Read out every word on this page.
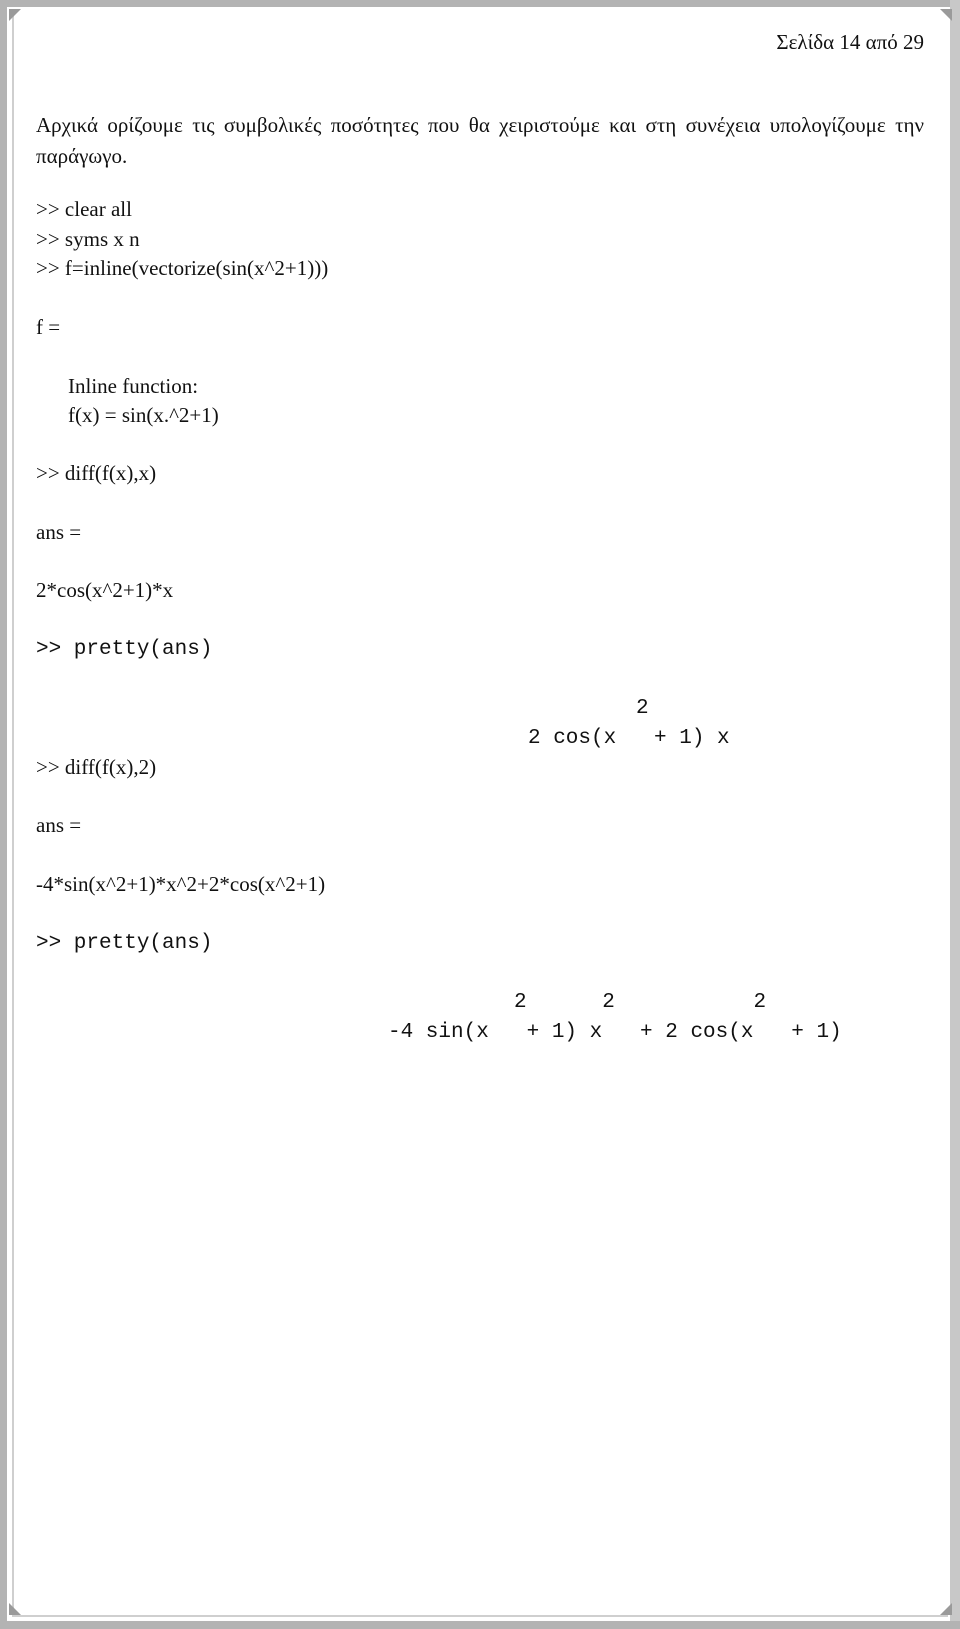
Σελίδα 14 από 29
Αρχικά ορίζουμε τις συμβολικές ποσότητες που θα χειριστούμε και στη συνέχεια υπολογίζουμε την παράγωγο.
>> clear all
>> syms x n
>> f=inline(vectorize(sin(x^2+1)))
f =
Inline function:
f(x) = sin(x.^2+1)
>> diff(f(x),x)
ans =
2*cos(x^2+1)*x
>> pretty(ans)
2
2 cos(x   + 1) x
>> diff(f(x),2)
ans =
-4*sin(x^2+1)*x^2+2*cos(x^2+1)
>> pretty(ans)
2      2           2
-4 sin(x   + 1) x   + 2 cos(x   + 1)
